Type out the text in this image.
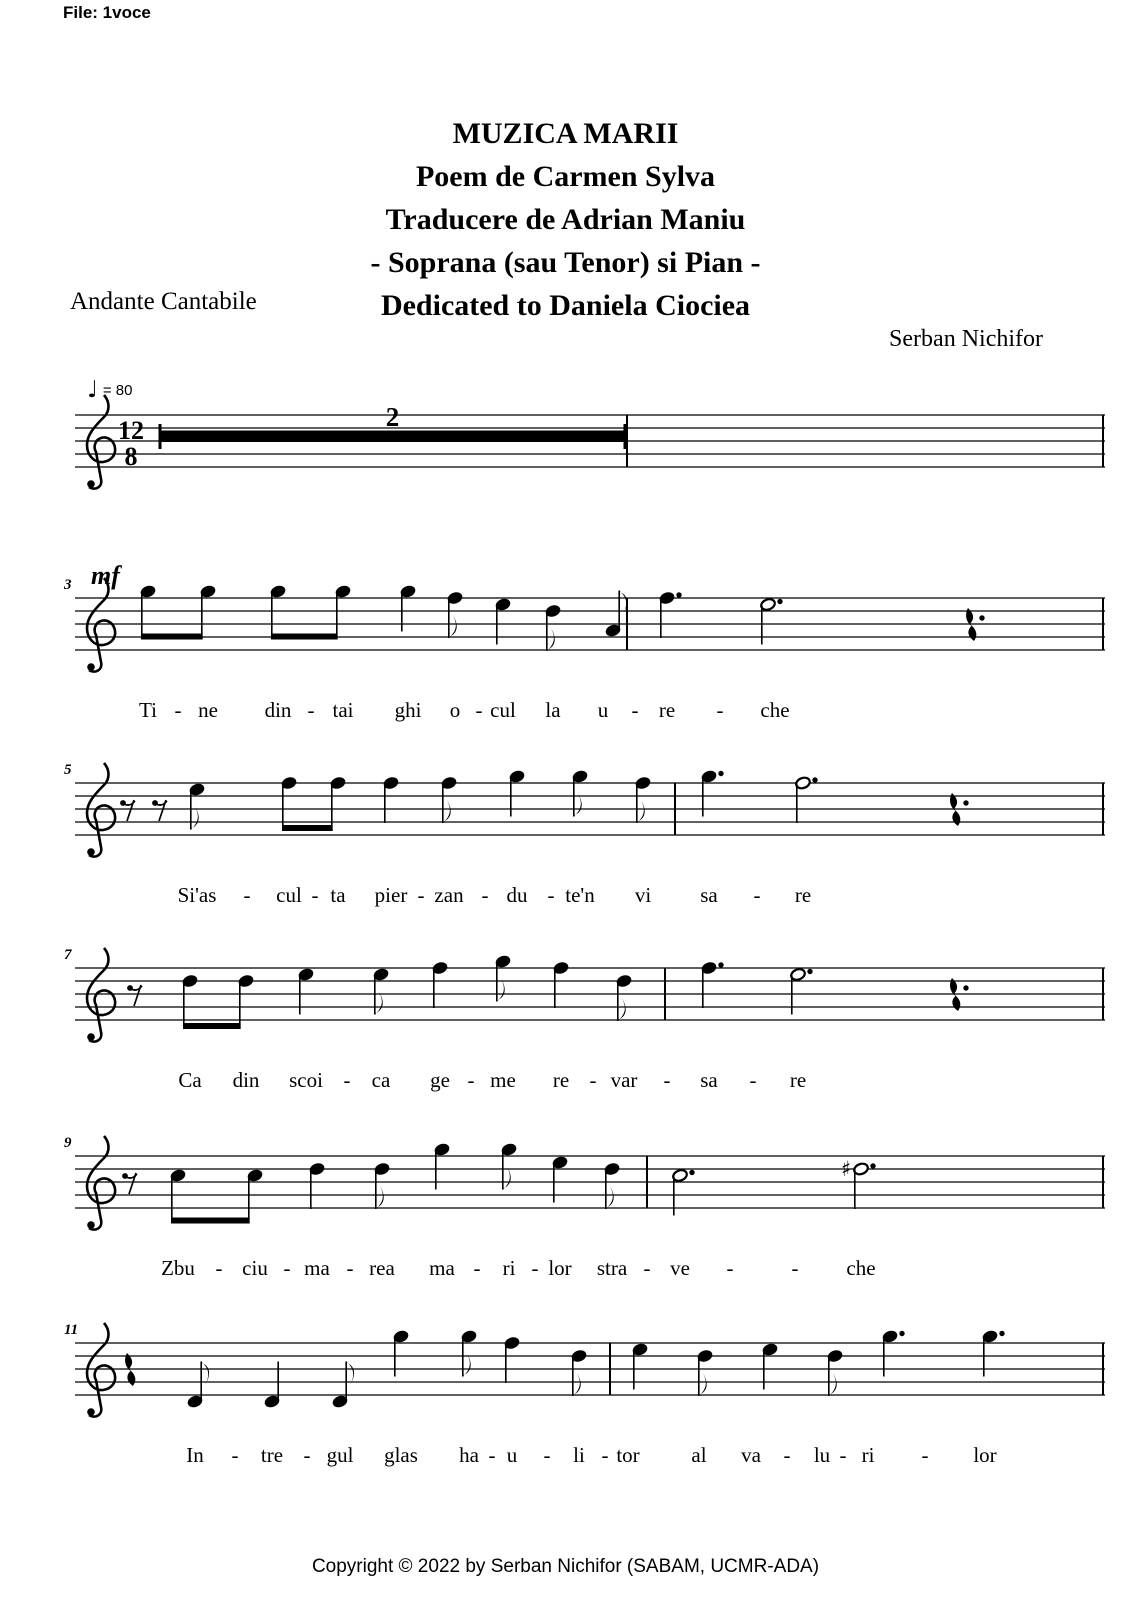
File: 1voce
MUZICA MARII
Poem de Carmen Sylva
Traducere de Adrian Maniu
- Soprana (sau Tenor) si Pian -
Dedicated to Daniela Ciociea
Andante Cantabile
Serban Nichifor
12
8
♩ = 80
2
3 mf
Ti - ne din - tai ghi o - cul la u - re - che
5
Si'as - cul - ta pier - zan - du - te'n vi sa - re
7
Ca din scoi - ca ge - me re - var - sa - re
9
♯
Zbu - ciu - ma - rea ma - ri - lor stra - ve -	- che
11
In - tre - gul glas ha - u - li - tor al va - lu - ri - lor
Copyright © 2022 by Serban Nichifor (SABAM, UCMR-ADA)
